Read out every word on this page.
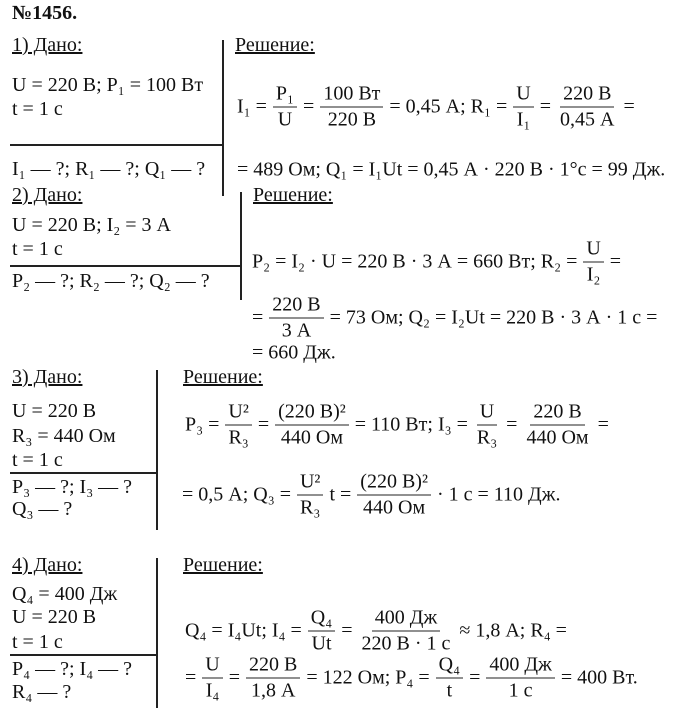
№1456.
1) Дано:
U = 220 В; P₁ = 100 Вт
t = 1 с
I₁ — ?; R₁ — ?; Q₁ — ?
Решение:
$I_1 = \frac{\text{P₁}}{U} = \frac{100 Вт}{220 В} = 0,45$ А; $R_1 = \frac{U}{\text{I₁}} = \frac{220 В}{0,45 А}$ =
= 489 Ом; Q₁ = I₁Ut = 0,45 А · 220 В · 1°с = 99 Дж.
2) Дано:
U = 220 В; I₂ = 3 А
t = 1 с
P₂ — ?; R₂ — ?; Q₂ — ?
Решение:
P₂ = I₂ · U = 220 В · 3 А = 660 Вт; $R_2 = \frac{U}{\text{I₂}}$ =
= $\frac{220 В}{3 А} = 73$ Ом; Q₂ = I₂Ut = 220 В · 3 А · 1 с =
= 660 Дж.
3) Дано:
U = 220 В
R₃ = 440 Ом
t = 1 с
P₃ — ?; I₃ — ?
Q₃ — ?
Решение:
$P_3 = \frac{\text{U²}}{\text{R₃}} = \frac{\text{(220 В)²}}{440 Ом} = 110$ Вт; $I_3 = \frac{U}{\text{R₃}} = \frac{220 В}{440 Ом}$ =
= 0,5 А; $Q_3 = \frac{\text{U²}}{\text{R₃}}$ $t = \frac{\text{(220 В)²}}{440 Ом} \cdot 1$ с = 110 Дж.
4) Дано:
Q₄ = 400 Дж
U = 220 В
t = 1 с
P₄ — ?; I₄ — ?
R₄ — ?
Решение:
Q₄ = I₄Ut; $I_4 = \frac{\text{Q₄}}{Ut} = \frac{400 Дж}{220 В \cdot 1 с} \approx 1,8$ А; R₄ =
= $\frac{U}{\text{I₄}} = \frac{220 В}{1,8 А} = 122$ Ом; $P_4 = \frac{\text{Q₄}}{t} = \frac{400 Дж}{1 с} = 400$ Вт.
